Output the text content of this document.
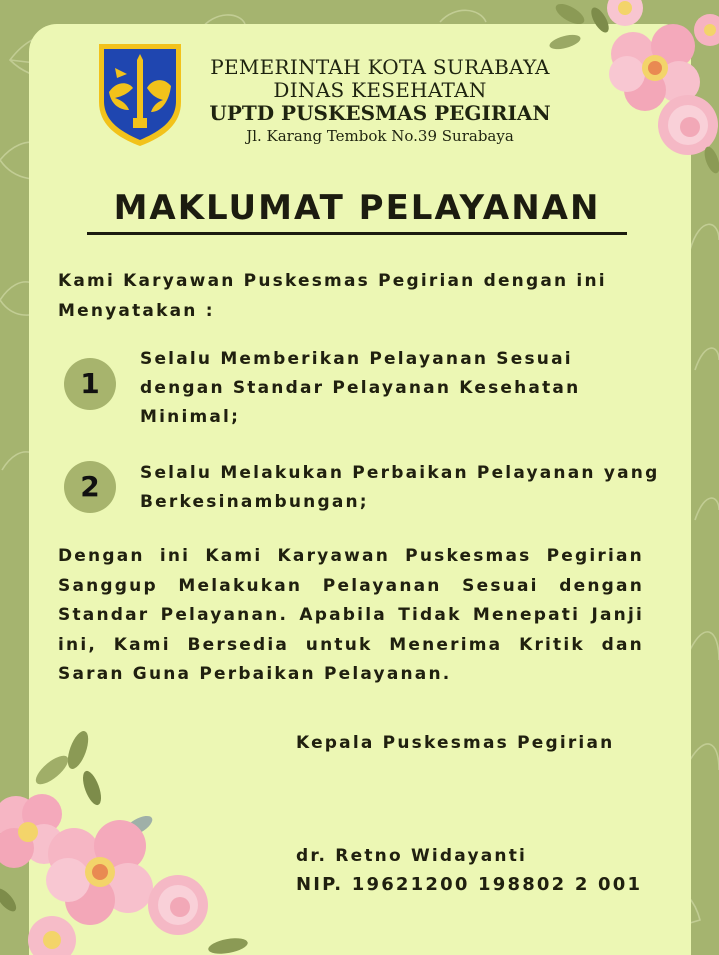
PEMERINTAH KOTA SURABAYA
DINAS KESEHATAN
UPTD PUSKESMAS PEGIRIAN
Jl. Karang Tembok No.39 Surabaya
MAKLUMAT PELAYANAN
Kami Karyawan Puskesmas Pegirian dengan ini Menyatakan :
1
Selalu Memberikan Pelayanan Sesuai dengan Standar Pelayanan Kesehatan Minimal;
2	Selalu Melakukan Perbaikan Pelayanan yang Berkesinambungan;
Dengan ini Kami Karyawan Puskesmas Pegirian Sanggup Melakukan Pelayanan Sesuai dengan Standar Pelayanan. Apabila Tidak Menepati Janji ini, Kami Bersedia untuk Menerima Kritik dan Saran Guna Perbaikan Pelayanan.
Kepala Puskesmas Pegirian
dr. Retno Widayanti
NIP. 19621200 198802 2 001
